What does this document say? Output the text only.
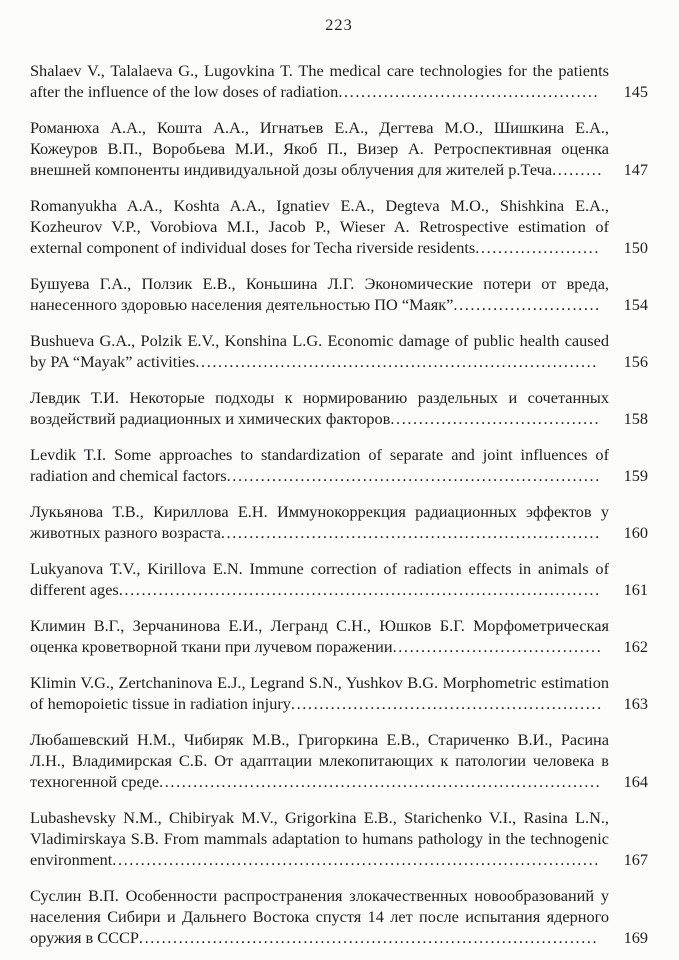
223
Shalaev V., Talalaeva G., Lugovkina T. The medical care technologies for the patients after the influence of the low doses of radiation..............................................	145
Романюха А.А., Кошта А.А., Игнатьев Е.А., Дегтева М.О., Шишкина Е.А., Кожеуров В.П., Воробьева М.И., Якоб П., Визер А. Ретроспективная оценка внешней компоненты индивидуальной дозы облучения для жителей р.Теча.........	147
Romanyukha A.A., Koshta A.A., Ignatiev E.A., Degteva M.O., Shishkina E.A., Kozheurov V.P., Vorobiova M.I., Jacob P., Wieser A. Retrospective estimation of external component of individual doses for Techa riverside residents......................	150
Бушуева Г.А., Ползик Е.В., Коньшина Л.Г. Экономические потери от вреда, нанесенного здоровью населения деятельностью ПО “Маяк”..........................	154
Bushueva G.A., Polzik E.V., Konshina L.G. Economic damage of public health caused by PA “Mayak” activities.......................................................................	156
Левдик Т.И. Некоторые подходы к нормированию раздельных и сочетанных воздействий радиационных и химических факторов.....................................	158
Levdik T.I. Some approaches to standardization of separate and joint influences of radiation and chemical factors..................................................................	159
Лукьянова Т.В., Кириллова Е.Н. Иммунокоррекция радиационных эффектов у животных разного возраста...................................................................	160
Lukyanova T.V., Kirillova E.N. Immune correction of radiation effects in animals of different ages.....................................................................................	161
Климин В.Г., Зерчанинова Е.И., Легранд С.Н., Юшков Б.Г. Морфометрическая оценка кроветворной ткани при лучевом поражении.....................................	162
Klimin V.G., Zertchaninova E.J., Legrand S.N., Yushkov B.G. Morphometric estimation of hemopoietic tissue in radiation injury.......................................................	163
Любашевский Н.М., Чибиряк М.В., Григоркина Е.В., Стариченко В.И., Расина Л.Н., Владимирская С.Б. От адаптации млекопитающих к патологии человека в техногенной среде..............................................................................	164
Lubashevsky N.M., Chibiryak M.V., Grigorkina E.B., Starichenko V.I., Rasina L.N., Vladimirskaya S.B. From mammals adaptation to humans pathology in the technogenic environment......................................................................................	167
Суслин В.П. Особенности распространения злокачественных новообразований у населения Сибири и Дальнего Востока спустя 14 лет после испытания ядерного оружия в СССР.................................................................................	169
